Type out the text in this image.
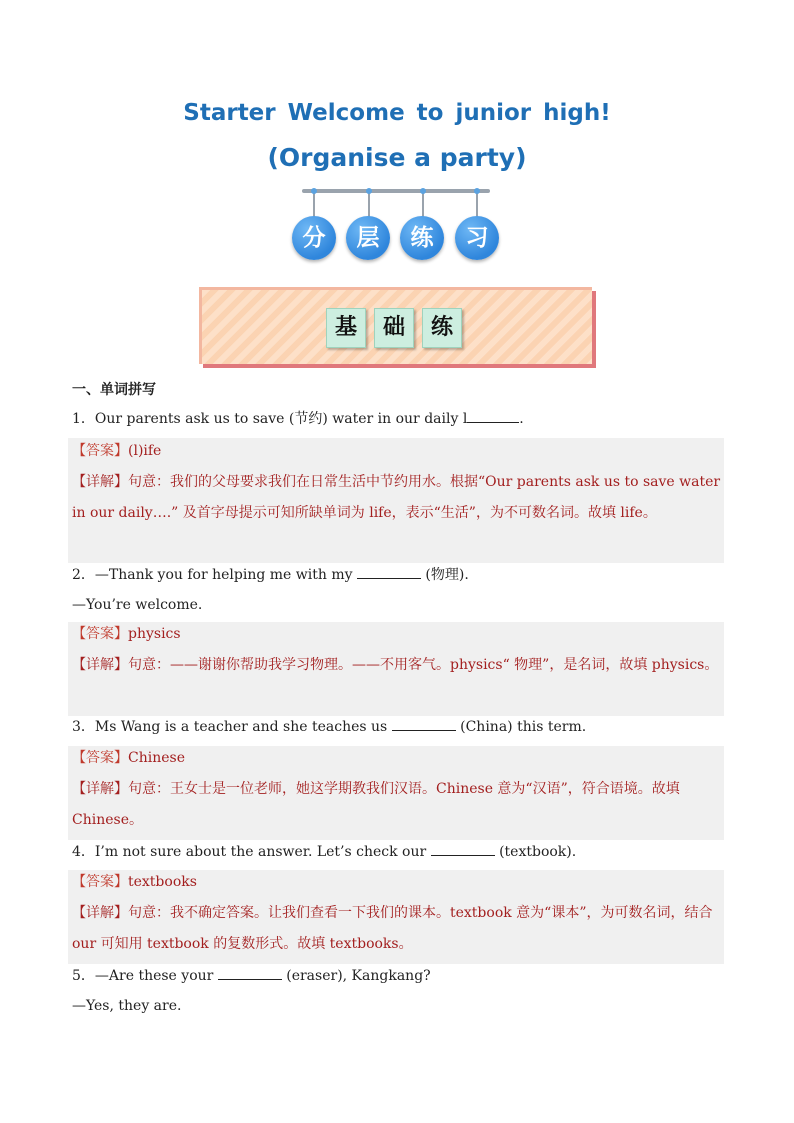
Starter Welcome to junior high!
(Organise a party)
分	层	练	习
基	础	练
一、单词拼写
1．Our parents ask us to save (节约) water in our daily l	.
【答案】(l)ife
【详解】句意：我们的父母要求我们在日常生活中节约用水。根据“Our parents ask us to save water in our daily….” 及首字母提示可知所缺单词为 life，表示“生活”，为不可数名词。故填 life。
2．—Thank you for helping me with my	(物理).
—You’re welcome.
【答案】physics
【详解】句意：——谢谢你帮助我学习物理。——不用客气。physics“ 物理”，是名词，故填 physics。
3．Ms Wang is a teacher and she teaches us	(China) this term.
【答案】Chinese
【详解】句意：王女士是一位老师，她这学期教我们汉语。Chinese 意为“汉语”，符合语境。故填 Chinese。
4．I’m not sure about the answer. Let’s check our	(textbook).
【答案】textbooks
【详解】句意：我不确定答案。让我们查看一下我们的课本。textbook 意为“课本”，为可数名词，结合 our 可知用 textbook 的复数形式。故填 textbooks。
5．—Are these your	(eraser), Kangkang?
—Yes, they are.
